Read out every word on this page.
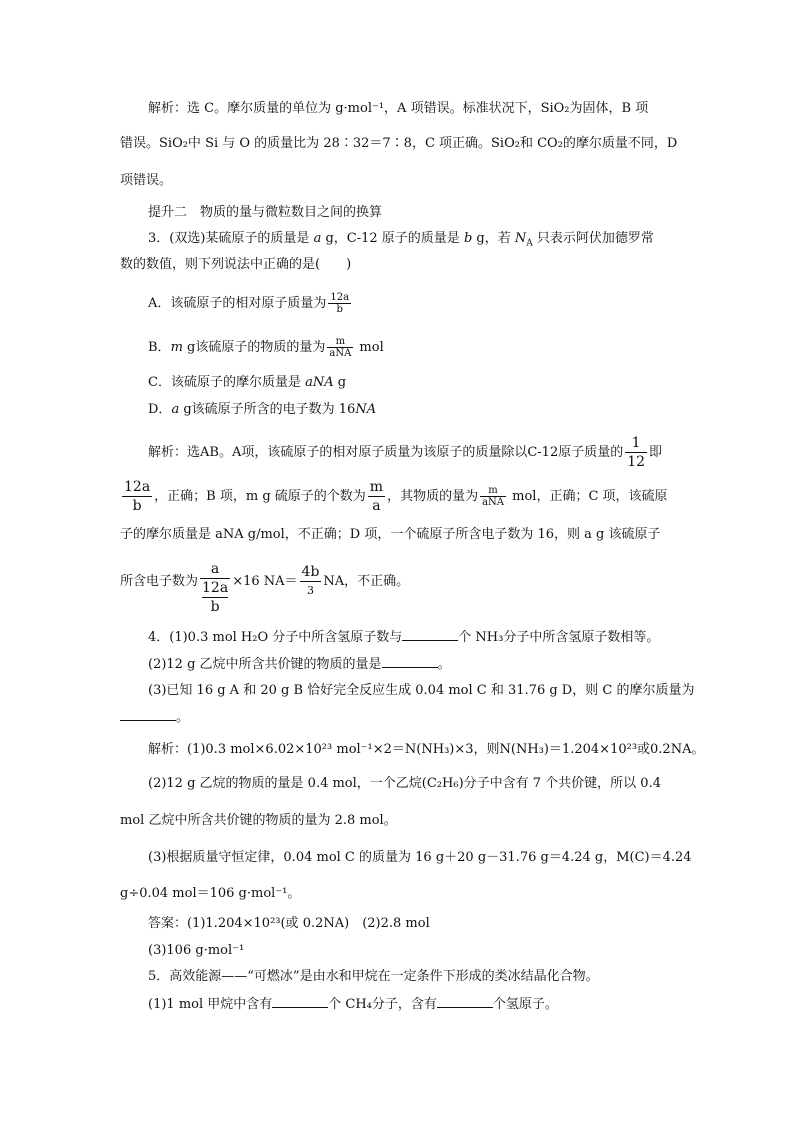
解析：选 C。摩尔质量的单位为 g·mol⁻¹，A 项错误。标准状况下，SiO₂为固体，B 项
错误。SiO₂中 Si 与 O 的质量比为 28∶32＝7∶8，C 项正确。SiO₂和 CO₂的摩尔质量不同，D
项错误。
提升二　物质的量与微粒数目之间的换算
3．(双选)某硫原子的质量是 a g，C-12 原子的质量是 b g，若 $N_A$ 只表示阿伏加德罗常
数的数值，则下列说法中正确的是(　　)
A．该硫原子的相对原子质量为 $\frac{12a}{b}$
B．m g该硫原子的物质的量为 $\frac{m}{\text{aNA}}$ mol
C．该硫原子的摩尔质量是 aNA g
D．a g该硫原子所含的电子数为 16NA
解析：选AB。A项，该硫原子的相对原子质量为该原子的质量除以C-12原子质量的 $\frac{1}{12}$ 即
$\frac{12a}{b}$ ，正确；B 项，m g 硫原子的个数为 $\frac{m}{a}$ ，其物质的量为 $\frac{m}{\text{aNA}}$ mol，正确；C 项，该硫原
子的摩尔质量是 aNA g/mol，不正确；D 项，一个硫原子所含电子数为 16，则 a g 该硫原子
所含电子数为 a
12a
b ×16 $NA= \frac{4b}{3}$ NA，不正确。
4．(1)0.3 mol H₂O 分子中所含氢原子数与	个 NH₃分子中所含氢原子数相等。
(2)12 g 乙烷中所含共价键的物质的量是	。
(3)已知 16 g A 和 20 g B 恰好完全反应生成 0.04 mol C 和 31.76 g D，则 C 的摩尔质量为
。
解析：(1)0.3 mol×6.02×10²³ mol⁻¹×2＝N(NH₃)×3，则N(NH₃)＝1.204×10²³或0.2NA。
(2)12 g 乙烷的物质的量是 0.4 mol，一个乙烷(C₂H₆)分子中含有 7 个共价键，所以 0.4
mol 乙烷中所含共价键的物质的量为 2.8 mol。
(3)根据质量守恒定律，0.04 mol C 的质量为 16 g＋20 g－31.76 g＝4.24 g，M(C)＝4.24
g÷0.04 mol＝106 g·mol⁻¹。
答案：(1)1.204×10²³(或 0.2NA)　(2)2.8 mol
(3)106 g·mol⁻¹
5．高效能源——“可燃冰”是由水和甲烷在一定条件下形成的类冰结晶化合物。
(1)1 mol 甲烷中含有	个 CH₄分子，含有	个氢原子。
